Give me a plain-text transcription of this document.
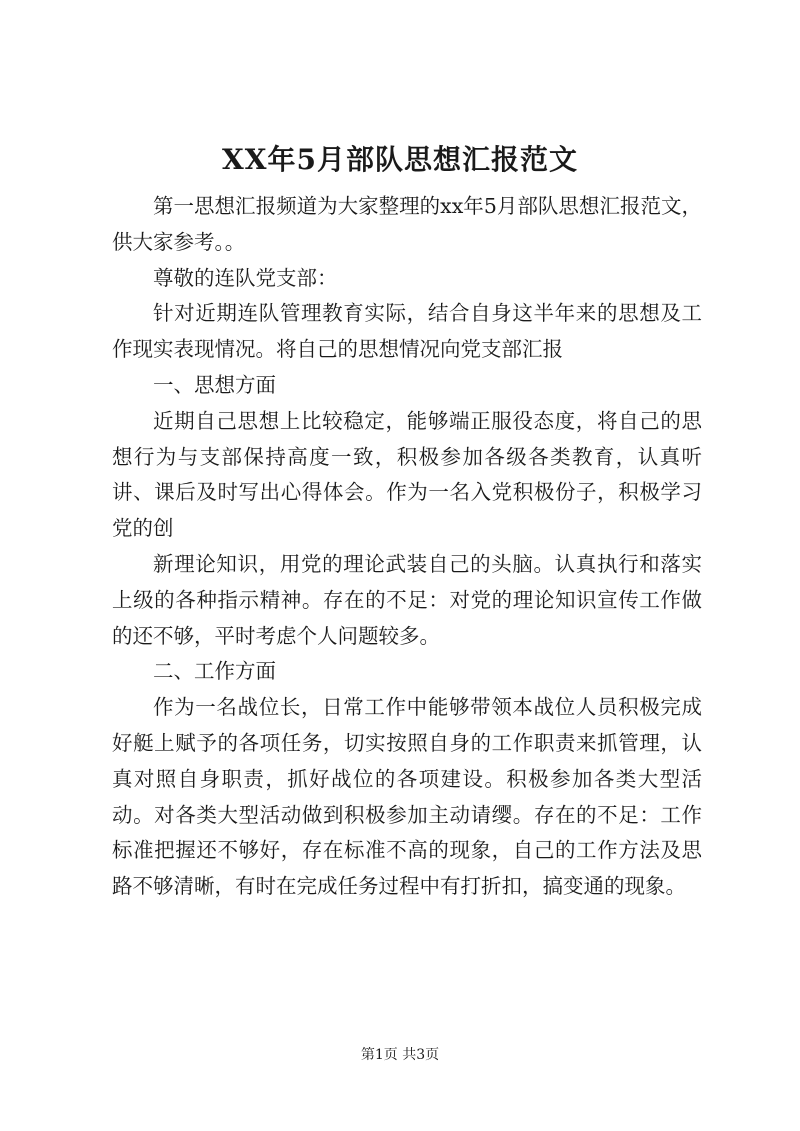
XX年5月部队思想汇报范文

第一思想汇报频道为大家整理的xx年5月部队思想汇报范文，供大家参考。。

尊敬的连队党支部：

针对近期连队管理教育实际，结合自身这半年来的思想及工作现实表现情况。将自己的思想情况向党支部汇报

一、思想方面

近期自己思想上比较稳定，能够端正服役态度，将自己的思想行为与支部保持高度一致，积极参加各级各类教育，认真听讲、课后及时写出心得体会。作为一名入党积极份子，积极学习党的创

新理论知识，用党的理论武装自己的头脑。认真执行和落实上级的各种指示精神。存在的不足：对党的理论知识宣传工作做的还不够，平时考虑个人问题较多。

二、工作方面

作为一名战位长，日常工作中能够带领本战位人员积极完成好艇上赋予的各项任务，切实按照自身的工作职责来抓管理，认真对照自身职责，抓好战位的各项建设。积极参加各类大型活动。对各类大型活动做到积极参加主动请缨。存在的不足：工作标准把握还不够好，存在标准不高的现象，自己的工作方法及思路不够清晰，有时在完成任务过程中有打折扣，搞变通的现象。

第1页 共3页
